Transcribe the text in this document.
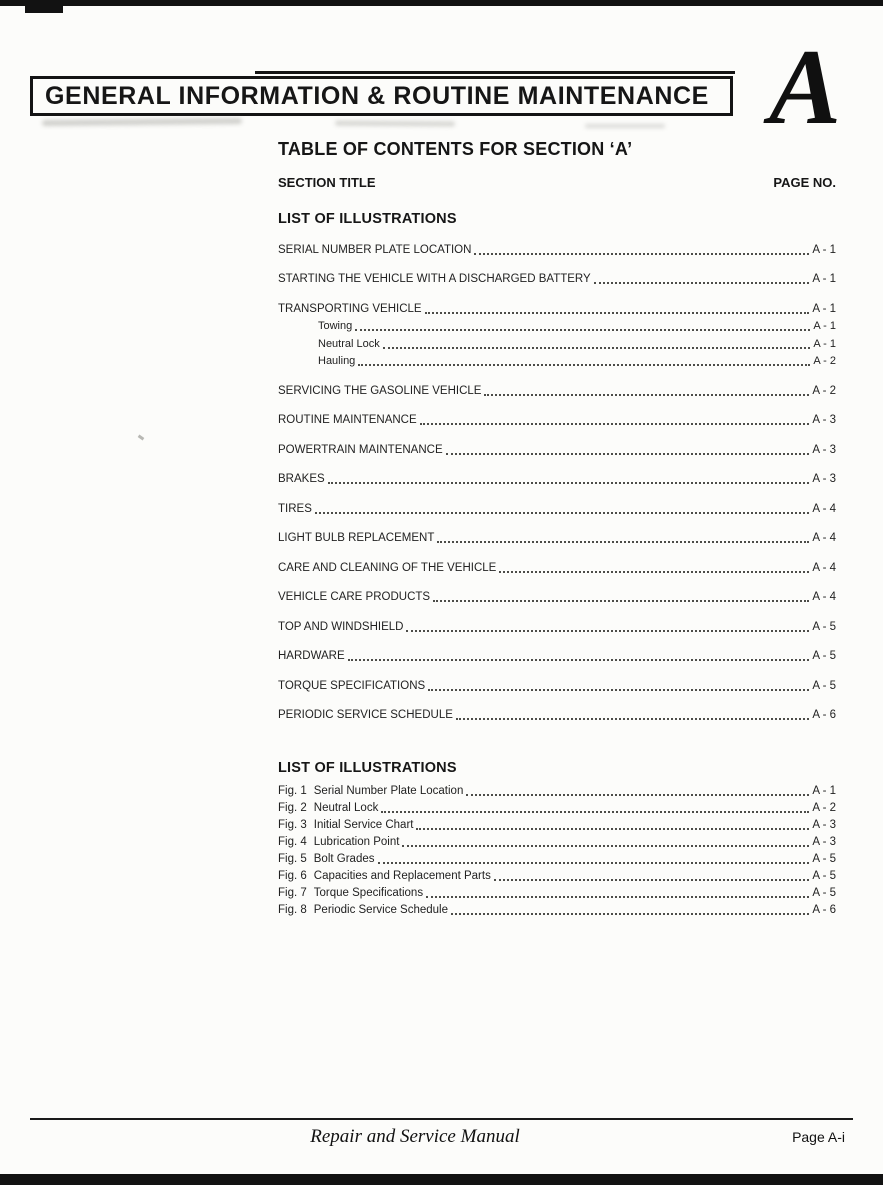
GENERAL INFORMATION & ROUTINE MAINTENANCE A
TABLE OF CONTENTS FOR SECTION ‘A’
SECTION TITLE	PAGE NO.
LIST OF ILLUSTRATIONS
SERIAL NUMBER PLATE LOCATION	A - 1
STARTING THE VEHICLE WITH A DISCHARGED BATTERY	A - 1
TRANSPORTING VEHICLE	A - 1
Towing	A - 1
Neutral Lock	A - 1
Hauling	A - 2
SERVICING THE GASOLINE VEHICLE	A - 2
ROUTINE MAINTENANCE	A - 3
POWERTRAIN MAINTENANCE	A - 3
BRAKES	A - 3
TIRES	A - 4
LIGHT BULB REPLACEMENT	A - 4
CARE AND CLEANING OF THE VEHICLE	A - 4
VEHICLE CARE PRODUCTS	A - 4
TOP AND WINDSHIELD	A - 5
HARDWARE	A - 5
TORQUE SPECIFICATIONS	A - 5
PERIODIC SERVICE SCHEDULE	A - 6
LIST OF ILLUSTRATIONS
Fig. 1 Serial Number Plate Location	A - 1
Fig. 2 Neutral Lock	A - 2
Fig. 3 Initial Service Chart	A - 3
Fig. 4 Lubrication Point	A - 3
Fig. 5 Bolt Grades	A - 5
Fig. 6 Capacities and Replacement Parts	A - 5
Fig. 7 Torque Specifications	A - 5
Fig. 8 Periodic Service Schedule	A - 6
Repair and Service Manual	Page A-i
